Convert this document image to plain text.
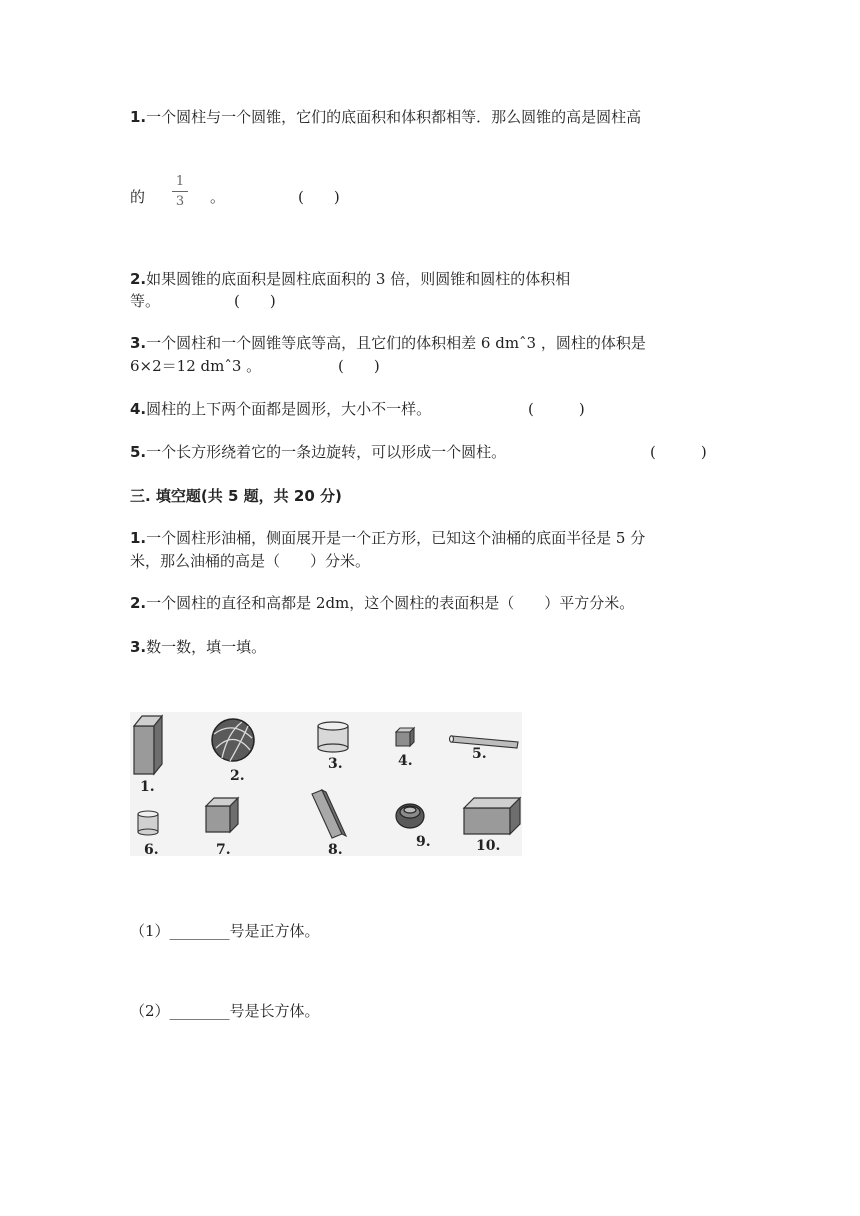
1.一个圆柱与一个圆锥，它们的底面积和体积都相等．那么圆锥的高是圆柱高
的
1
3 。	(　　)
2.如果圆锥的底面积是圆柱底面积的 3 倍，则圆锥和圆柱的体积相
等。	(　　)
3.一个圆柱和一个圆锥等底等高，且它们的体积相差 6 dmˆ3 ，圆柱的体积是
6×2＝12 dmˆ3 。	(　　)
4.圆柱的上下两个面都是圆形，大小不一样。	(　　　)
5.一个长方形绕着它的一条边旋转，可以形成一个圆柱。	(　　　)
三. 填空题(共 5 题，共 20 分)
1.一个圆柱形油桶，侧面展开是一个正方形，已知这个油桶的底面半径是 5 分
米，那么油桶的高是（　　）分米。
2.一个圆柱的直径和高都是 2dm，这个圆柱的表面积是（　　）平方分米。
3.数一数，填一填。
1.
2.
3.	4.	5.
6.	7.	8.	9.	10.
（1）________号是正方体。
（2）________号是长方体。
